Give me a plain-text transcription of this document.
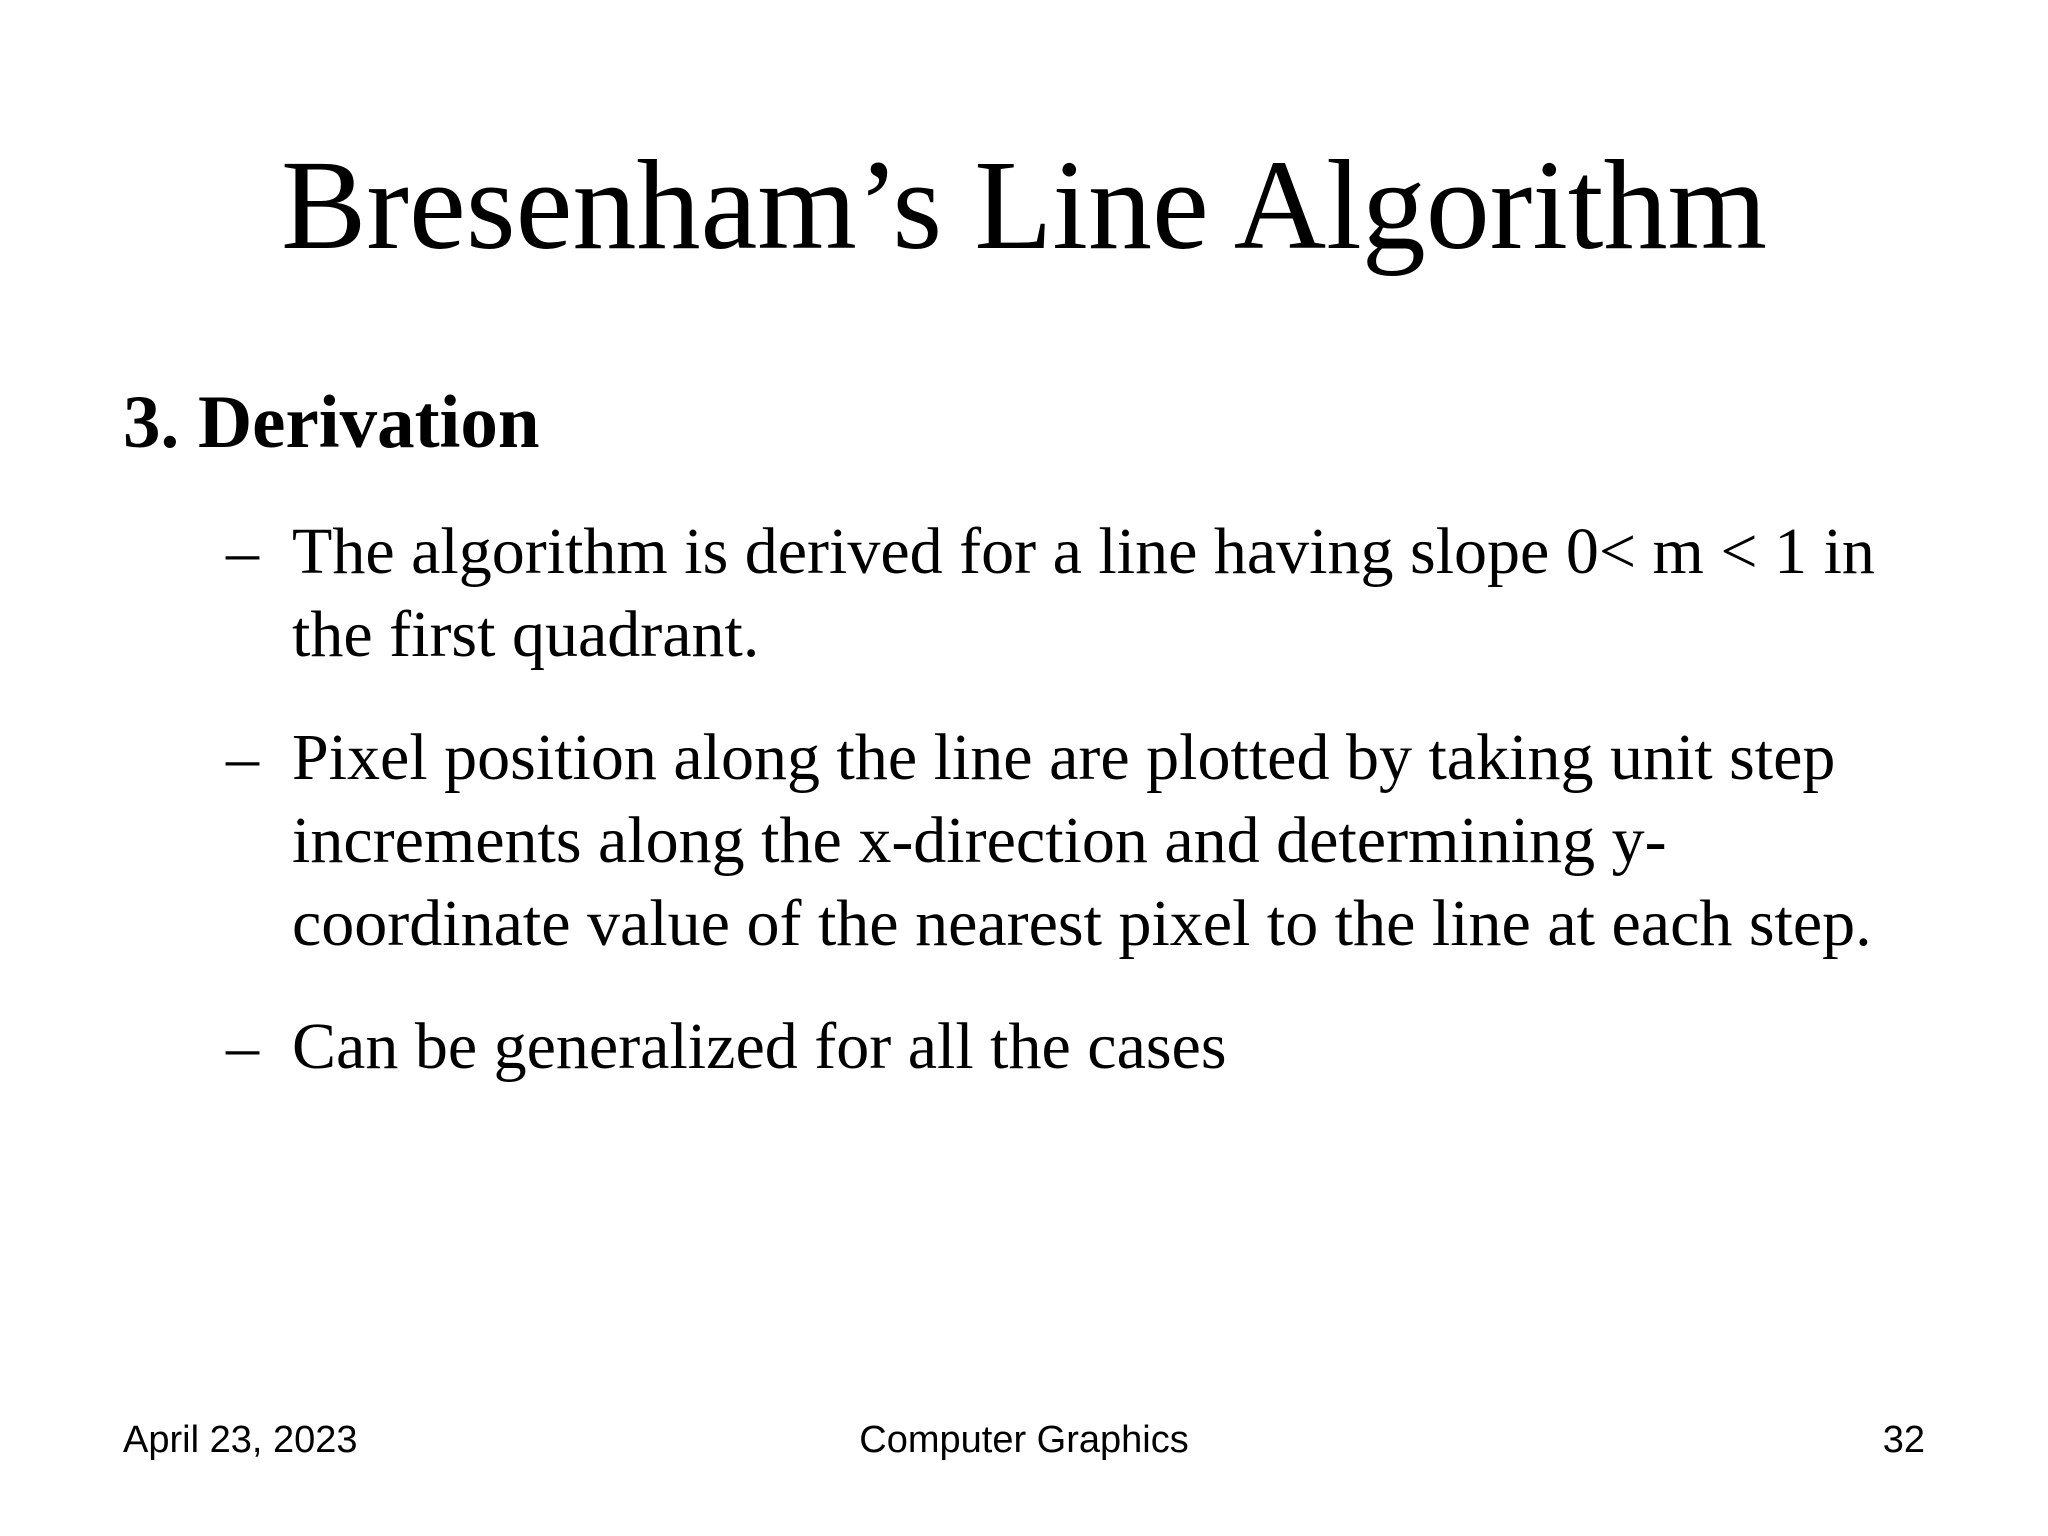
Bresenham’s Line Algorithm
3. Derivation
– The algorithm is derived for a line having slope 0< m < 1 in
the first quadrant.
– Pixel position along the line are plotted by taking unit step
increments along the x-direction and determining y-
coordinate value of the nearest pixel to the line at each step.
– Can be generalized for all the cases
April 23, 2023	Computer Graphics	32
